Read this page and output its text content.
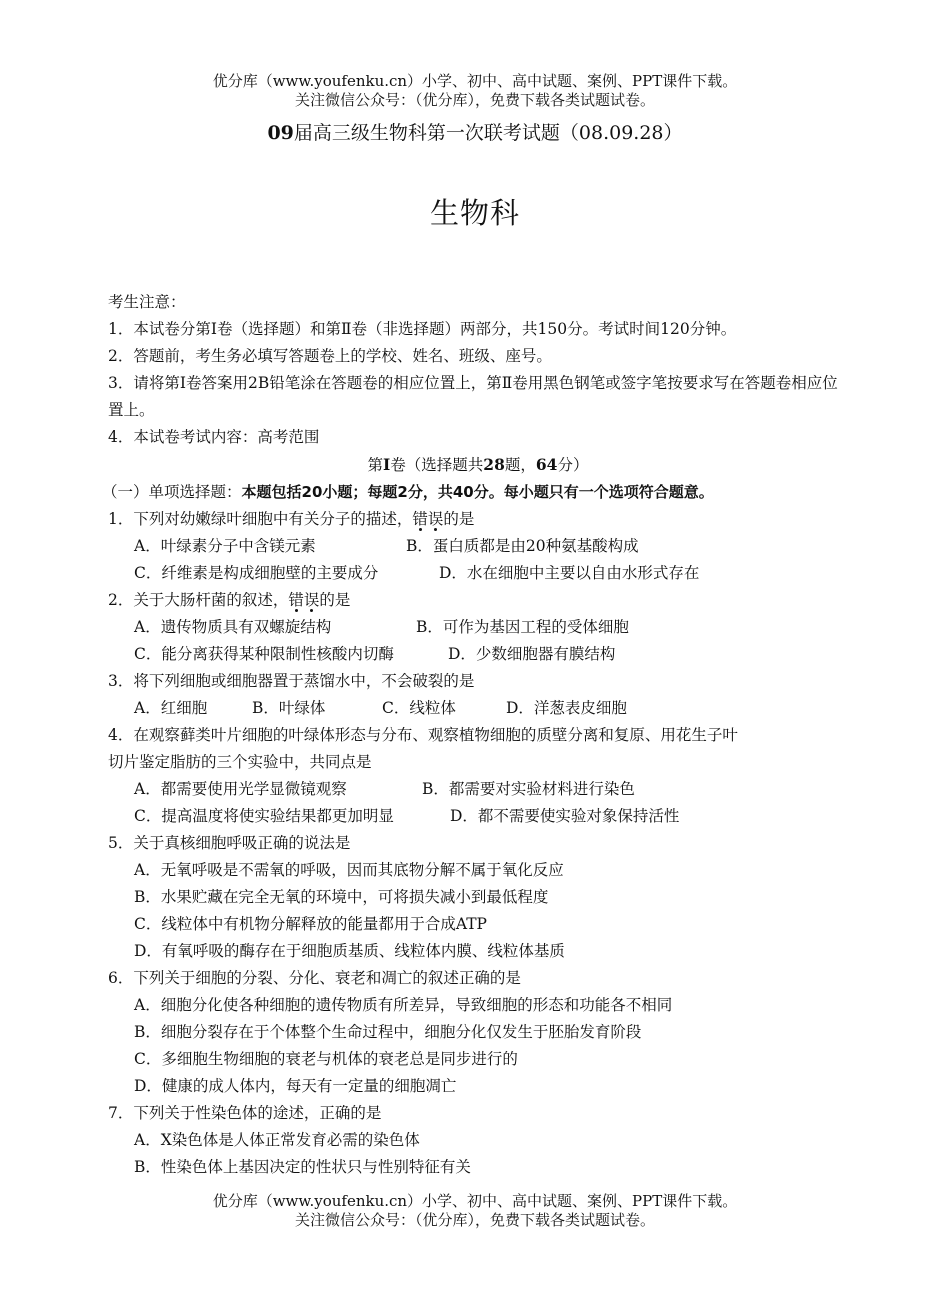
优分库（www.youfenku.cn）小学、初中、高中试题、案例、PPT课件下载。
关注微信公众号：（优分库），免费下载各类试题试卷。
09届高三级生物科第一次联考试题（08.09.28）
生物科
考生注意：
1．本试卷分第I卷（选择题）和第Ⅱ卷（非选择题）两部分，共150分。考试时间120分钟。
2．答题前，考生务必填写答题卷上的学校、姓名、班级、座号。
3．请将第I卷答案用2B铅笔涂在答题卷的相应位置上，第Ⅱ卷用黑色钢笔或签字笔按要求写在答题卷相应位置上。
4．本试卷考试内容：高考范围
第I卷（选择题共28题，64分）
（一）单项选择题：本题包括20小题；每题2分，共40分。每小题只有一个选项符合题意。
1．下列对幼嫩绿叶细胞中有关分子的描述，错误的是
A．叶绿素分子中含镁元素	B．蛋白质都是由20种氨基酸构成
C．纤维素是构成细胞壁的主要成分	D．水在细胞中主要以自由水形式存在
2．关于大肠杆菌的叙述，错误的是
A．遗传物质具有双螺旋结构	B．可作为基因工程的受体细胞
C．能分离获得某种限制性核酸内切酶	D．少数细胞器有膜结构
3．将下列细胞或细胞器置于蒸馏水中，不会破裂的是
A．红细胞	B．叶绿体	C．线粒体	D．洋葱表皮细胞
4．在观察藓类叶片细胞的叶绿体形态与分布、观察植物细胞的质壁分离和复原、用花生子叶
切片鉴定脂肪的三个实验中，共同点是
A．都需要使用光学显微镜观察	B．都需要对实验材料进行染色
C．提高温度将使实验结果都更加明显	D．都不需要使实验对象保持活性
5．关于真核细胞呼吸正确的说法是
A．无氧呼吸是不需氧的呼吸，因而其底物分解不属于氧化反应
B．水果贮藏在完全无氧的环境中，可将损失减小到最低程度
C．线粒体中有机物分解释放的能量都用于合成ATP
D．有氧呼吸的酶存在于细胞质基质、线粒体内膜、线粒体基质
6．下列关于细胞的分裂、分化、衰老和凋亡的叙述正确的是
A．细胞分化使各种细胞的遗传物质有所差异，导致细胞的形态和功能各不相同
B．细胞分裂存在于个体整个生命过程中，细胞分化仅发生于胚胎发育阶段
C．多细胞生物细胞的衰老与机体的衰老总是同步进行的
D．健康的成人体内，每天有一定量的细胞凋亡
7．下列关于性染色体的途述，正确的是
A．X染色体是人体正常发育必需的染色体
B．性染色体上基因决定的性状只与性别特征有关
优分库（www.youfenku.cn）小学、初中、高中试题、案例、PPT课件下载。
关注微信公众号：（优分库），免费下载各类试题试卷。
